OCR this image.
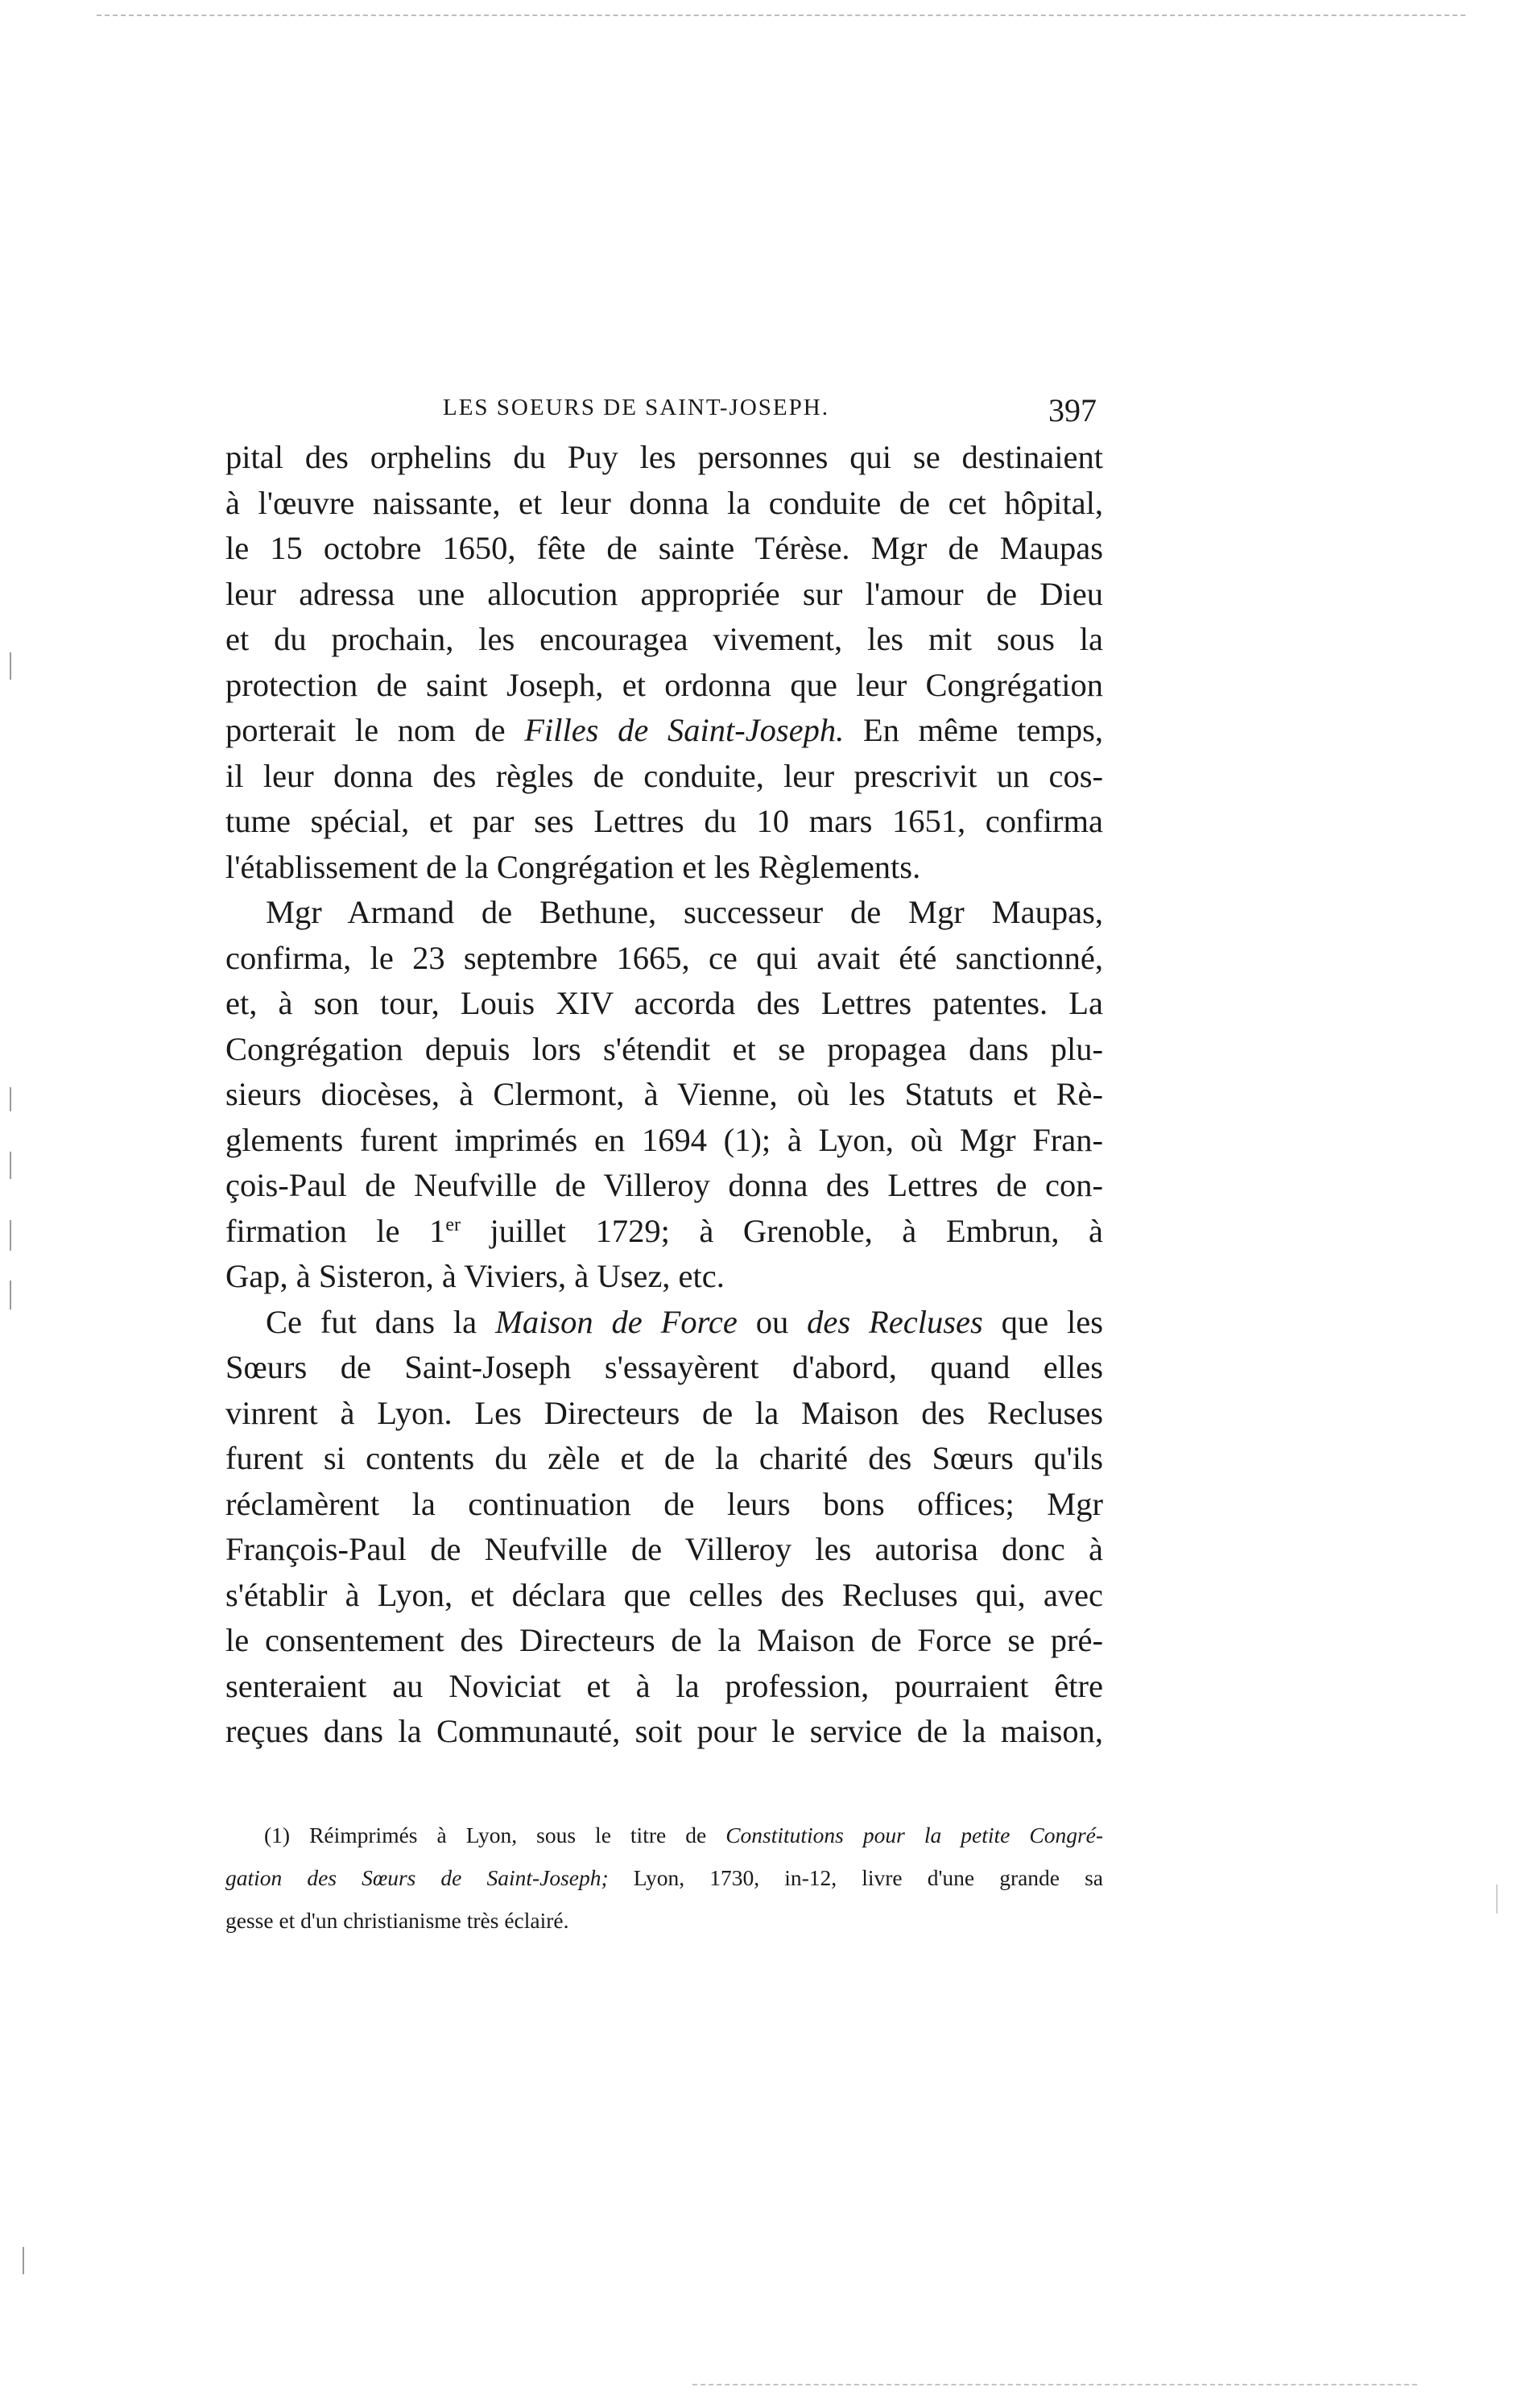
LES SOEURS DE SAINT-JOSEPH.	397
pital des orphelins du Puy les personnes qui se destinaient
à l'œuvre naissante, et leur donna la conduite de cet hôpital,
le 15 octobre 1650, fête de sainte Térèse. Mgr de Maupas
leur adressa une allocution appropriée sur l'amour de Dieu
et du prochain, les encouragea vivement, les mit sous la
protection de saint Joseph, et ordonna que leur Congrégation
porterait le nom de Filles de Saint-Joseph. En même temps,
il leur donna des règles de conduite, leur prescrivit un cos-
tume spécial, et par ses Lettres du 10 mars 1651, confirma
l'établissement de la Congrégation et les Règlements.
Mgr Armand de Bethune, successeur de Mgr Maupas,
confirma, le 23 septembre 1665, ce qui avait été sanctionné,
et, à son tour, Louis XIV accorda des Lettres patentes. La
Congrégation depuis lors s'étendit et se propagea dans plu-
sieurs diocèses, à Clermont, à Vienne, où les Statuts et Rè-
glements furent imprimés en 1694 (1); à Lyon, où Mgr Fran-
çois-Paul de Neufville de Villeroy donna des Lettres de con-
firmation le 1er juillet 1729; à Grenoble, à Embrun, à
Gap, à Sisteron, à Viviers, à Usez, etc.
Ce fut dans la Maison de Force ou des Recluses que les
Sœurs de Saint-Joseph s'essayèrent d'abord, quand elles
vinrent à Lyon. Les Directeurs de la Maison des Recluses
furent si contents du zèle et de la charité des Sœurs qu'ils
réclamèrent la continuation de leurs bons offices; Mgr
François-Paul de Neufville de Villeroy les autorisa donc à
s'établir à Lyon, et déclara que celles des Recluses qui, avec
le consentement des Directeurs de la Maison de Force se pré-
senteraient au Noviciat et à la profession, pourraient être
reçues dans la Communauté, soit pour le service de la maison,
(1) Réimprimés à Lyon, sous le titre de Constitutions pour la petite Congré-
gation des Sœurs de Saint-Joseph; Lyon, 1730, in-12, livre d'une grande sa
gesse et d'un christianisme très éclairé.
